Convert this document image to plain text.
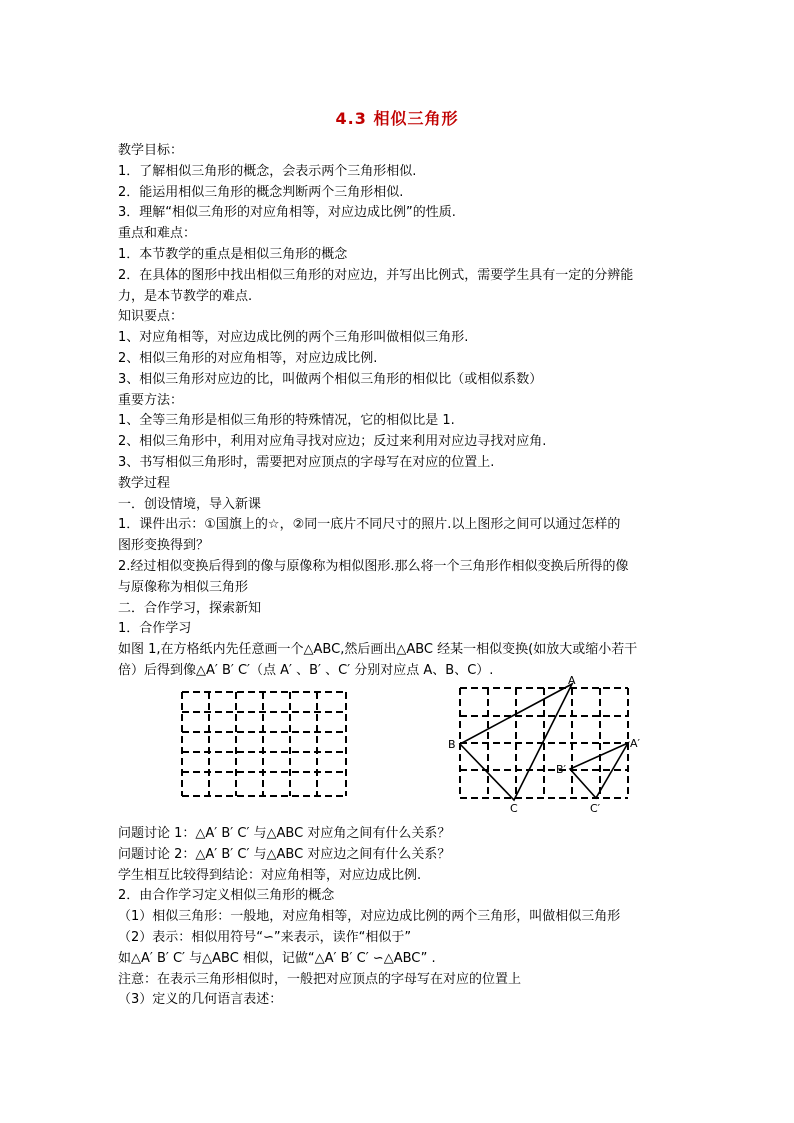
4.3 相似三角形
教学目标：
1．了解相似三角形的概念，会表示两个三角形相似.
2．能运用相似三角形的概念判断两个三角形相似.
3．理解“相似三角形的对应角相等，对应边成比例”的性质.
重点和难点：
1．本节教学的重点是相似三角形的概念
2．在具体的图形中找出相似三角形的对应边，并写出比例式，需要学生具有一定的分辨能
力，是本节教学的难点.
知识要点：
1、对应角相等，对应边成比例的两个三角形叫做相似三角形.
2、相似三角形的对应角相等，对应边成比例.
3、相似三角形对应边的比，叫做两个相似三角形的相似比（或相似系数）
重要方法：
1、全等三角形是相似三角形的特殊情况，它的相似比是 1.
2、相似三角形中，利用对应角寻找对应边；反过来利用对应边寻找对应角.
3、书写相似三角形时，需要把对应顶点的字母写在对应的位置上.
教学过程
一．创设情境，导入新课
1．课件出示：①国旗上的☆，②同一底片不同尺寸的照片.以上图形之间可以通过怎样的
图形变换得到？
2.经过相似变换后得到的像与原像称为相似图形.那么将一个三角形作相似变换后所得的像
与原像称为相似三角形
二．合作学习，探索新知
1．合作学习
如图 1,在方格纸内先任意画一个△ABC,然后画出△ABC 经某一相似变换(如放大或缩小若干
倍）后得到像△A′ B′ C′（点 A′ 、B′ 、C′ 分别对应点 A、B、C）.
A
B
C
A′
B′
C′
问题讨论 1：△A′ B′ C′ 与△ABC 对应角之间有什么关系？
问题讨论 2：△A′ B′ C′ 与△ABC 对应边之间有什么关系？
学生相互比较得到结论：对应角相等，对应边成比例.
2．由合作学习定义相似三角形的概念
（1）相似三角形：一般地，对应角相等，对应边成比例的两个三角形，叫做相似三角形
（2）表示：相似用符号“∽”来表示，读作“相似于”
如△A′ B′ C′ 与△ABC 相似，记做“△A′ B′ C′ ∽△ABC” .
注意：在表示三角形相似时，一般把对应顶点的字母写在对应的位置上
（3）定义的几何语言表述：
